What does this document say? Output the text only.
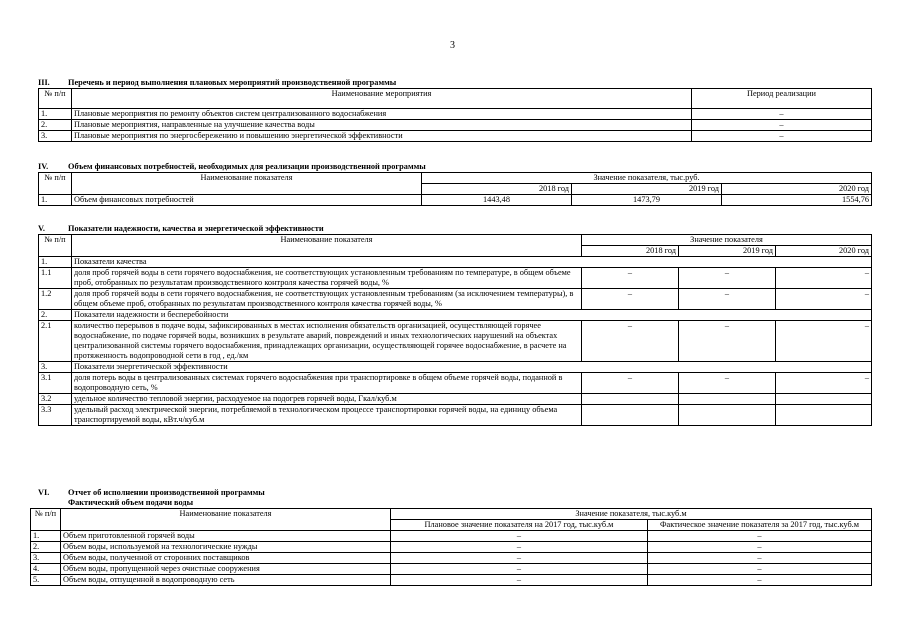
3
III. Перечень и период выполнения плановых мероприятий производственной программы
№ п/п	Наименование мероприятия	Период реализации
1.	Плановые мероприятия по ремонту объектов систем централизованного водоснабжения	–
2.	Плановые мероприятия, направленные на улучшение качества воды	–
3.	Плановые мероприятия по энергосбережению и повышению энергетической эффективности	–
IV. Объем финансовых потребностей, необходимых для реализации производственной программы
№ п/п	Наименование показателя	Значение показателя, тыс.руб.		
		2018 год	2019 год	2020 год
1.	Объем финансовых потребностей	1443,48	1473,79	1554,76
V.	Показатели надежности, качества и энергетической эффективности
№ п/п	Наименование показателя	Значение показателя		
		2018 год	2019 год	2020 год
1.	Показатели качества			
1.1	доля проб горячей воды в сети горячего водоснабжения, не соответствующих установленным требованиям по температуре, в общем объеме проб, отобранных по результатам производственного контроля качества горячей воды, %	–	–	–
1.2	доля проб горячей воды в сети горячего водоснабжения, не соответствующих установленным требованиям (за исключением температуры), в общем объеме проб, отобранных по результатам производственного контроля качества горячей воды, %	–	–	–
2.	Показатели надежности и бесперебойности			
2.1	количество перерывов в подаче воды, зафиксированных в местах исполнения обязательств организацией, осуществляющей горячее водоснабжение, по подаче горячей воды, возникших в результате аварий, повреждений и иных технологических нарушений на объектах централизованной системы горячего водоснабжения, принадлежащих организации, осуществляющей горячее водоснабжение, в расчете на протяженность водопроводной сети в год , ед./км	–	–	–
3.	Показатели энергетической эффективности			
3.1	доля потерь воды в централизованных системах горячего водоснабжения при транспортировке в общем объеме горячей воды, поданной в водопроводную сеть, %	–	–	–
3.2	удельное количество тепловой энергии, расходуемое на подогрев горячей воды, Гкал/куб.м			
3.3	удельный расход электрической энергии, потребляемой в технологическом процессе транспортировки горячей воды, на единицу объема транспортируемой воды, кВт.ч/куб.м			
VI. Отчет об исполнении производственной программы
Фактический объем подачи воды
№ п/п	Наименование показателя	Значение показателя, тыс.куб.м	
		Плановое значение показателя на 2017 год, тыс.куб.м	Фактическое значение показателя за 2017 год, тыс.куб.м
1.	Объем приготовленной горячей воды	–	–
2.	Объем воды, используемой на технологические нужды	–	–
3.	Объем воды, полученной от сторонних поставщиков	–	–
4.	Объем воды, пропущенной через очистные сооружения	–	–
5.	Объем воды, отпущенной в водопроводную сеть	–	–
